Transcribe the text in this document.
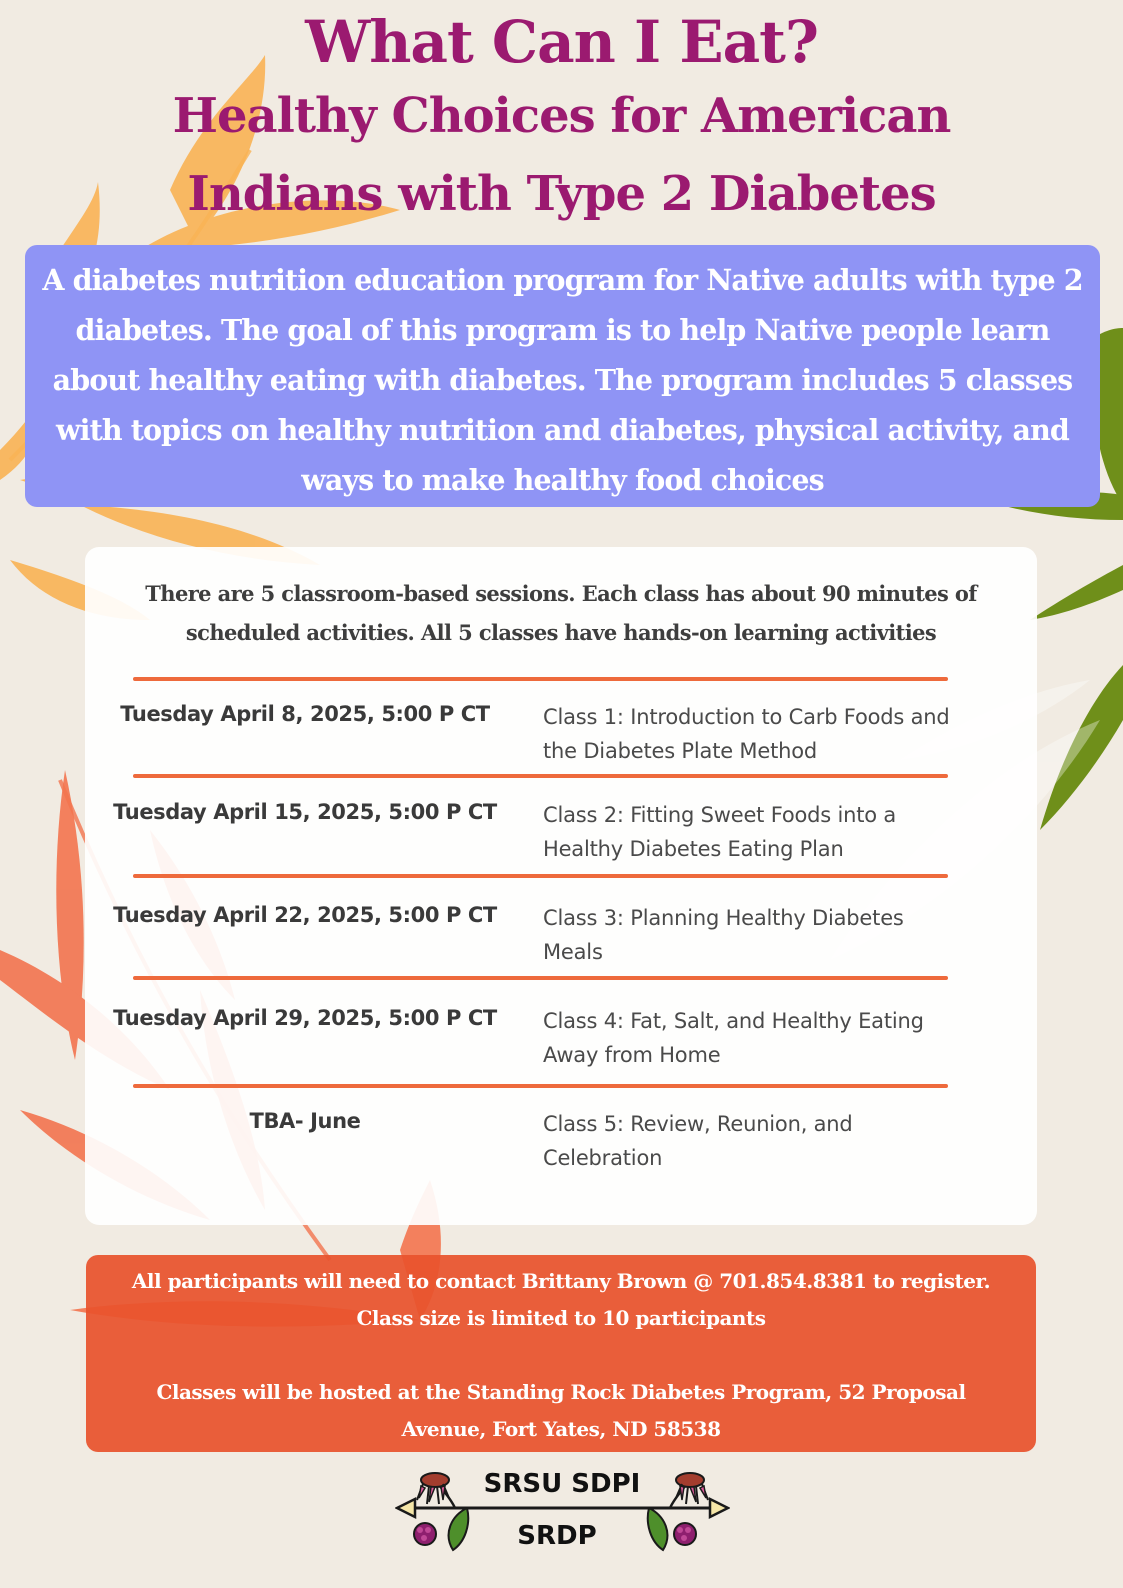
What Can I Eat?
Healthy Choices for American
Indians with Type 2 Diabetes
A diabetes nutrition education program for Native adults with type 2 diabetes. The goal of this program is to help Native people learn about healthy eating with diabetes. The program includes 5 classes with topics on healthy nutrition and diabetes, physical activity, and ways to make healthy food choices
There are 5 classroom-based sessions. Each class has about 90 minutes of
scheduled activities. All 5 classes have hands-on learning activities
Tuesday April 8, 2025, 5:00 P CT	Class 1: Introduction to Carb Foods and
the Diabetes Plate Method
Tuesday April 15, 2025, 5:00 P CT	Class 2: Fitting Sweet Foods into a
Healthy Diabetes Eating Plan
Tuesday April 22, 2025, 5:00 P CT	Class 3: Planning Healthy Diabetes
Meals
Tuesday April 29, 2025, 5:00 P CT	Class 4: Fat, Salt, and Healthy Eating
Away from Home
TBA- June	Class 5: Review, Reunion, and
Celebration
All participants will need to contact Brittany Brown @ 701.854.8381 to register.
Class size is limited to 10 participants
Classes will be hosted at the Standing Rock Diabetes Program, 52 Proposal
Avenue, Fort Yates, ND 58538
SRSU SDPI
SRDP
